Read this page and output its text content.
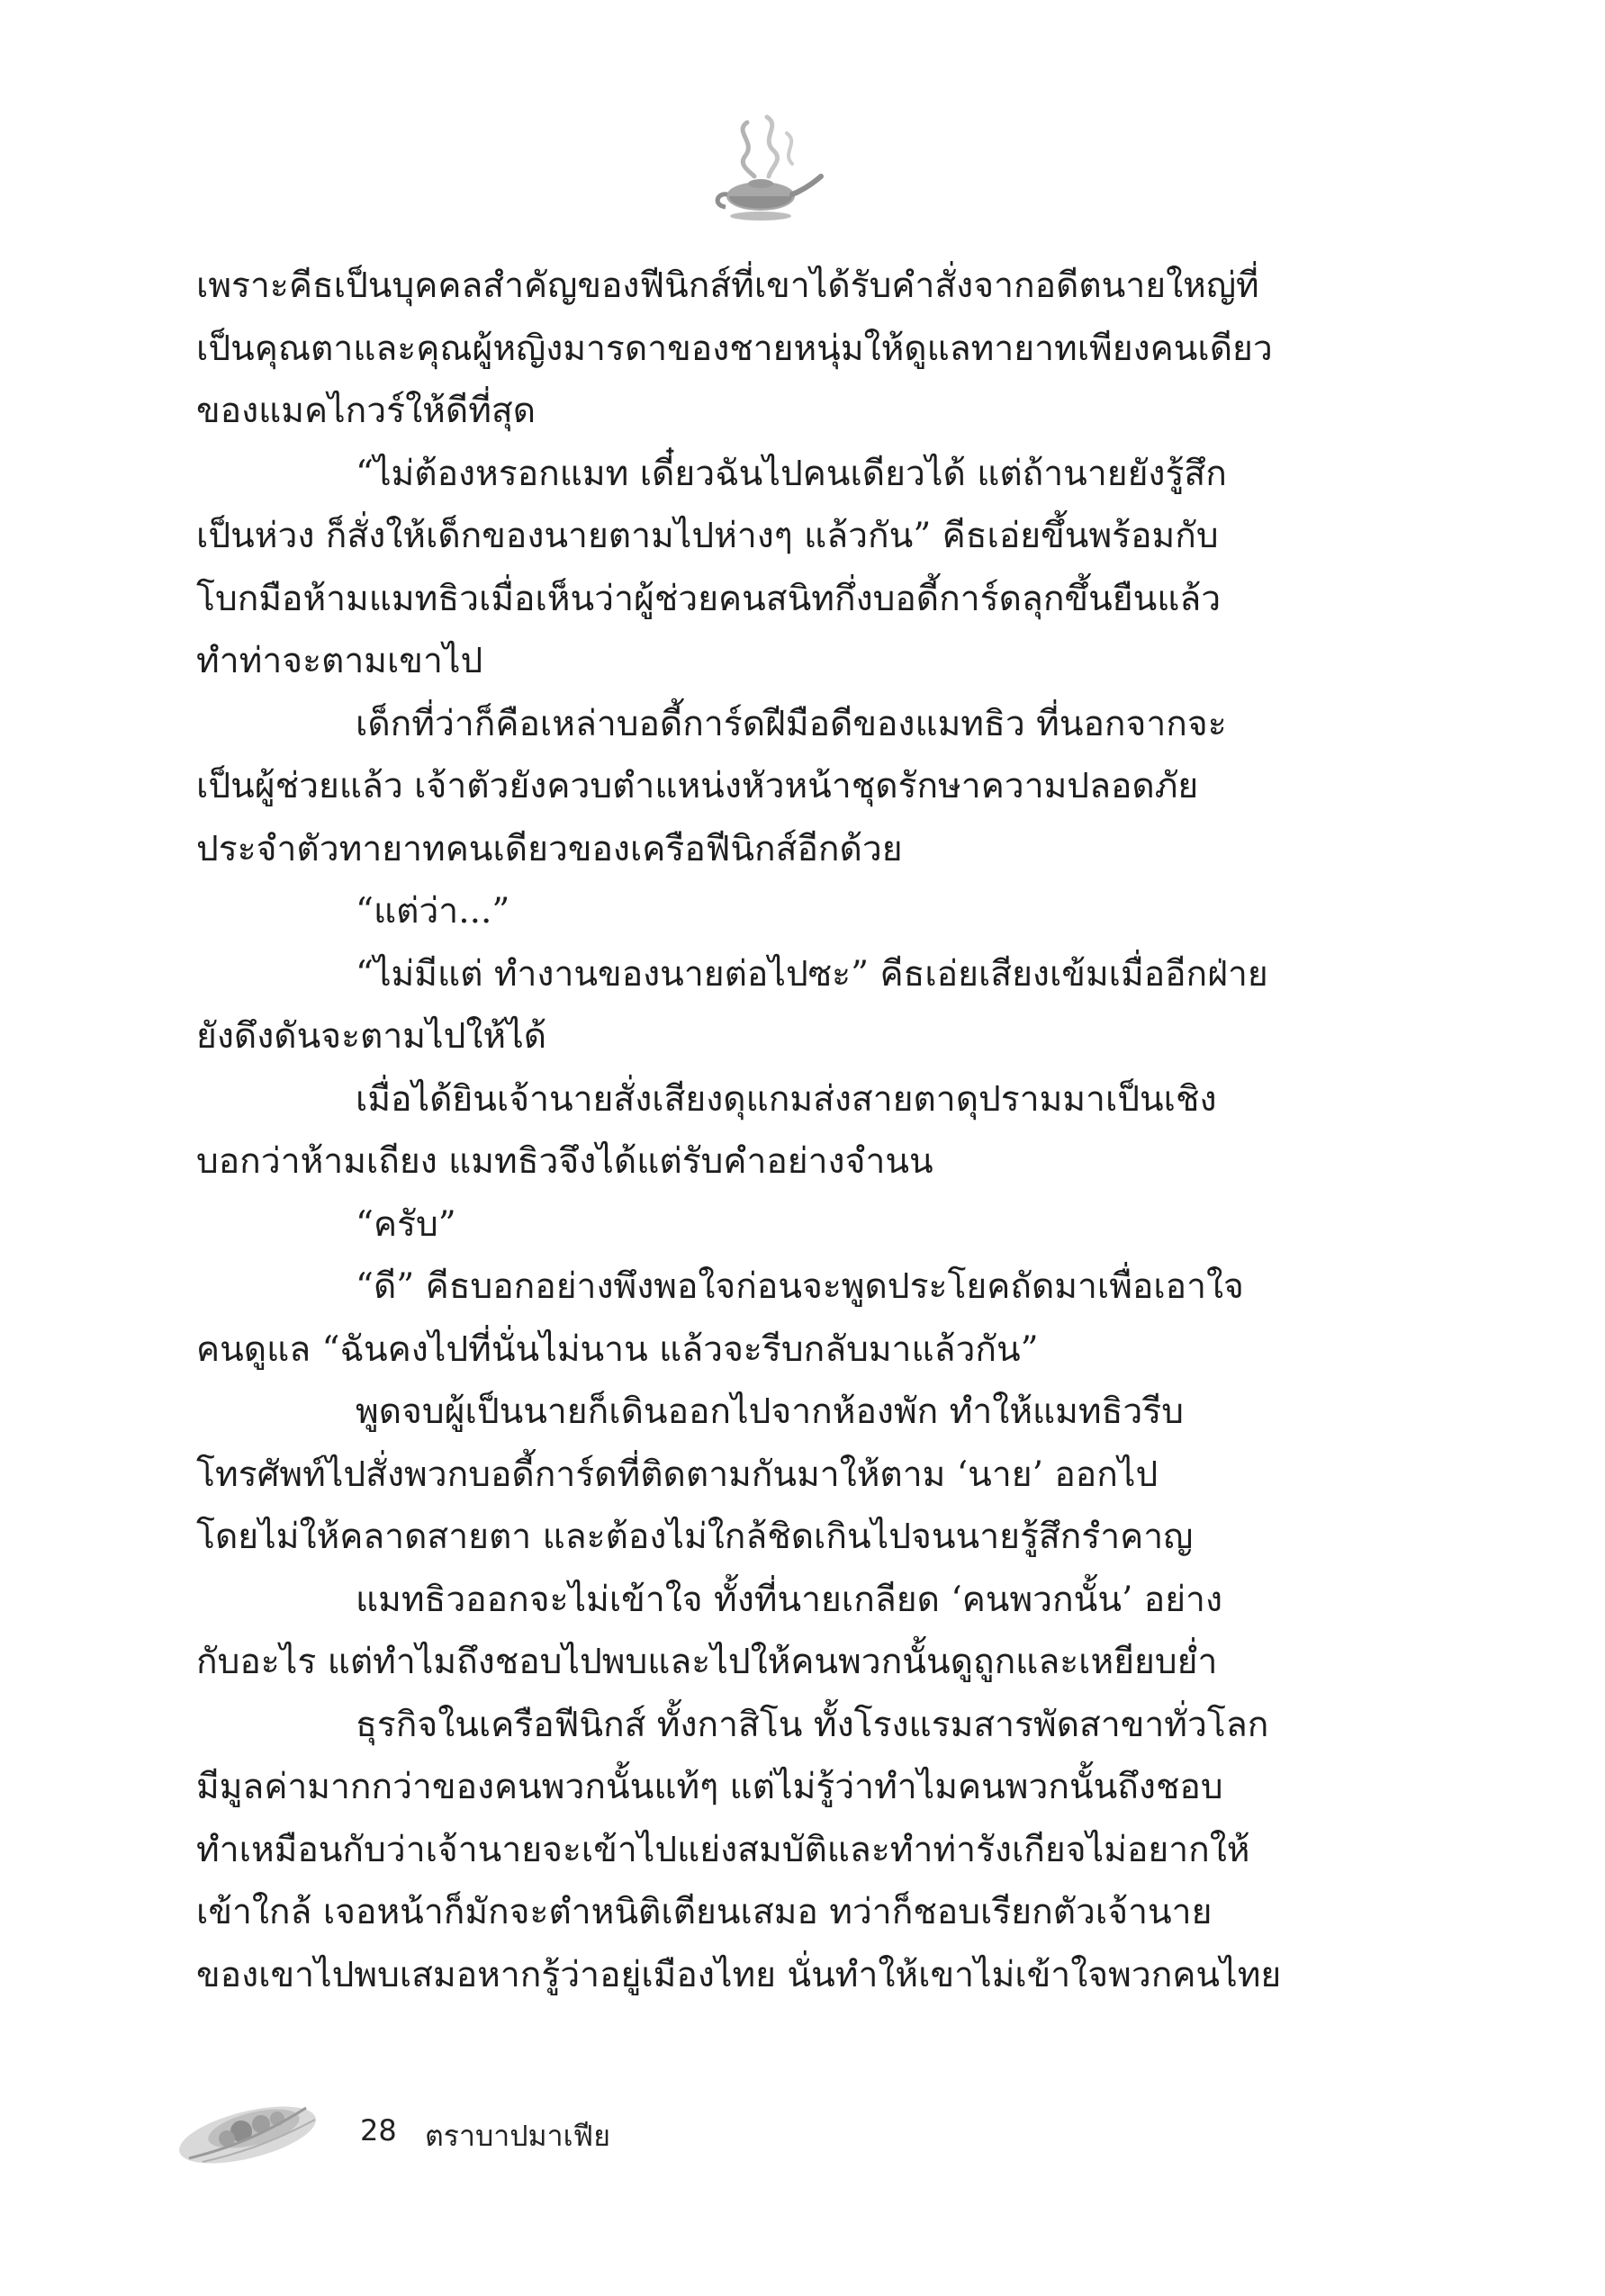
เพราะคีธเป็นบุคคลสำคัญของฟีนิกส์ที่เขาได้รับคำสั่งจากอดีตนายใหญ่ที่
เป็นคุณตาและคุณผู้หญิงมารดาของชายหนุ่มให้ดูแลทายาทเพียงคนเดียว
ของแมคไกวร์ให้ดีที่สุด
“ไม่ต้องหรอกแมท เดี๋ยวฉันไปคนเดียวได้ แต่ถ้านายยังรู้สึก
เป็นห่วง ก็สั่งให้เด็กของนายตามไปห่างๆ แล้วกัน” คีธเอ่ยขึ้นพร้อมกับ
โบกมือห้ามแมทธิวเมื่อเห็นว่าผู้ช่วยคนสนิทกึ่งบอดี้การ์ดลุกขึ้นยืนแล้ว
ทำท่าจะตามเขาไป
เด็กที่ว่าก็คือเหล่าบอดี้การ์ดฝีมือดีของแมทธิว ที่นอกจากจะ
เป็นผู้ช่วยแล้ว เจ้าตัวยังควบตำแหน่งหัวหน้าชุดรักษาความปลอดภัย
ประจำตัวทายาทคนเดียวของเครือฟีนิกส์อีกด้วย
“แต่ว่า...”
“ไม่มีแต่ ทำงานของนายต่อไปซะ” คีธเอ่ยเสียงเข้มเมื่ออีกฝ่าย
ยังดึงดันจะตามไปให้ได้
เมื่อได้ยินเจ้านายสั่งเสียงดุแกมส่งสายตาดุปรามมาเป็นเชิง
บอกว่าห้ามเถียง แมทธิวจึงได้แต่รับคำอย่างจำนน
“ครับ”
“ดี” คีธบอกอย่างพึงพอใจก่อนจะพูดประโยคถัดมาเพื่อเอาใจ
คนดูแล “ฉันคงไปที่นั่นไม่นาน แล้วจะรีบกลับมาแล้วกัน”
พูดจบผู้เป็นนายก็เดินออกไปจากห้องพัก ทำให้แมทธิวรีบ
โทรศัพท์ไปสั่งพวกบอดี้การ์ดที่ติดตามกันมาให้ตาม ‘นาย’ ออกไป
โดยไม่ให้คลาดสายตา และต้องไม่ใกล้ชิดเกินไปจนนายรู้สึกรำคาญ
แมทธิวออกจะไม่เข้าใจ ทั้งที่นายเกลียด ‘คนพวกนั้น’ อย่าง
กับอะไร แต่ทำไมถึงชอบไปพบและไปให้คนพวกนั้นดูถูกและเหยียบย่ำ
ธุรกิจในเครือฟีนิกส์ ทั้งกาสิโน ทั้งโรงแรมสารพัดสาขาทั่วโลก
มีมูลค่ามากกว่าของคนพวกนั้นแท้ๆ แต่ไม่รู้ว่าทำไมคนพวกนั้นถึงชอบ
ทำเหมือนกับว่าเจ้านายจะเข้าไปแย่งสมบัติและทำท่ารังเกียจไม่อยากให้
เข้าใกล้ เจอหน้าก็มักจะตำหนิติเตียนเสมอ ทว่าก็ชอบเรียกตัวเจ้านาย
ของเขาไปพบเสมอหากรู้ว่าอยู่เมืองไทย นั่นทำให้เขาไม่เข้าใจพวกคนไทย
28 ตราบาปมาเฟีย
